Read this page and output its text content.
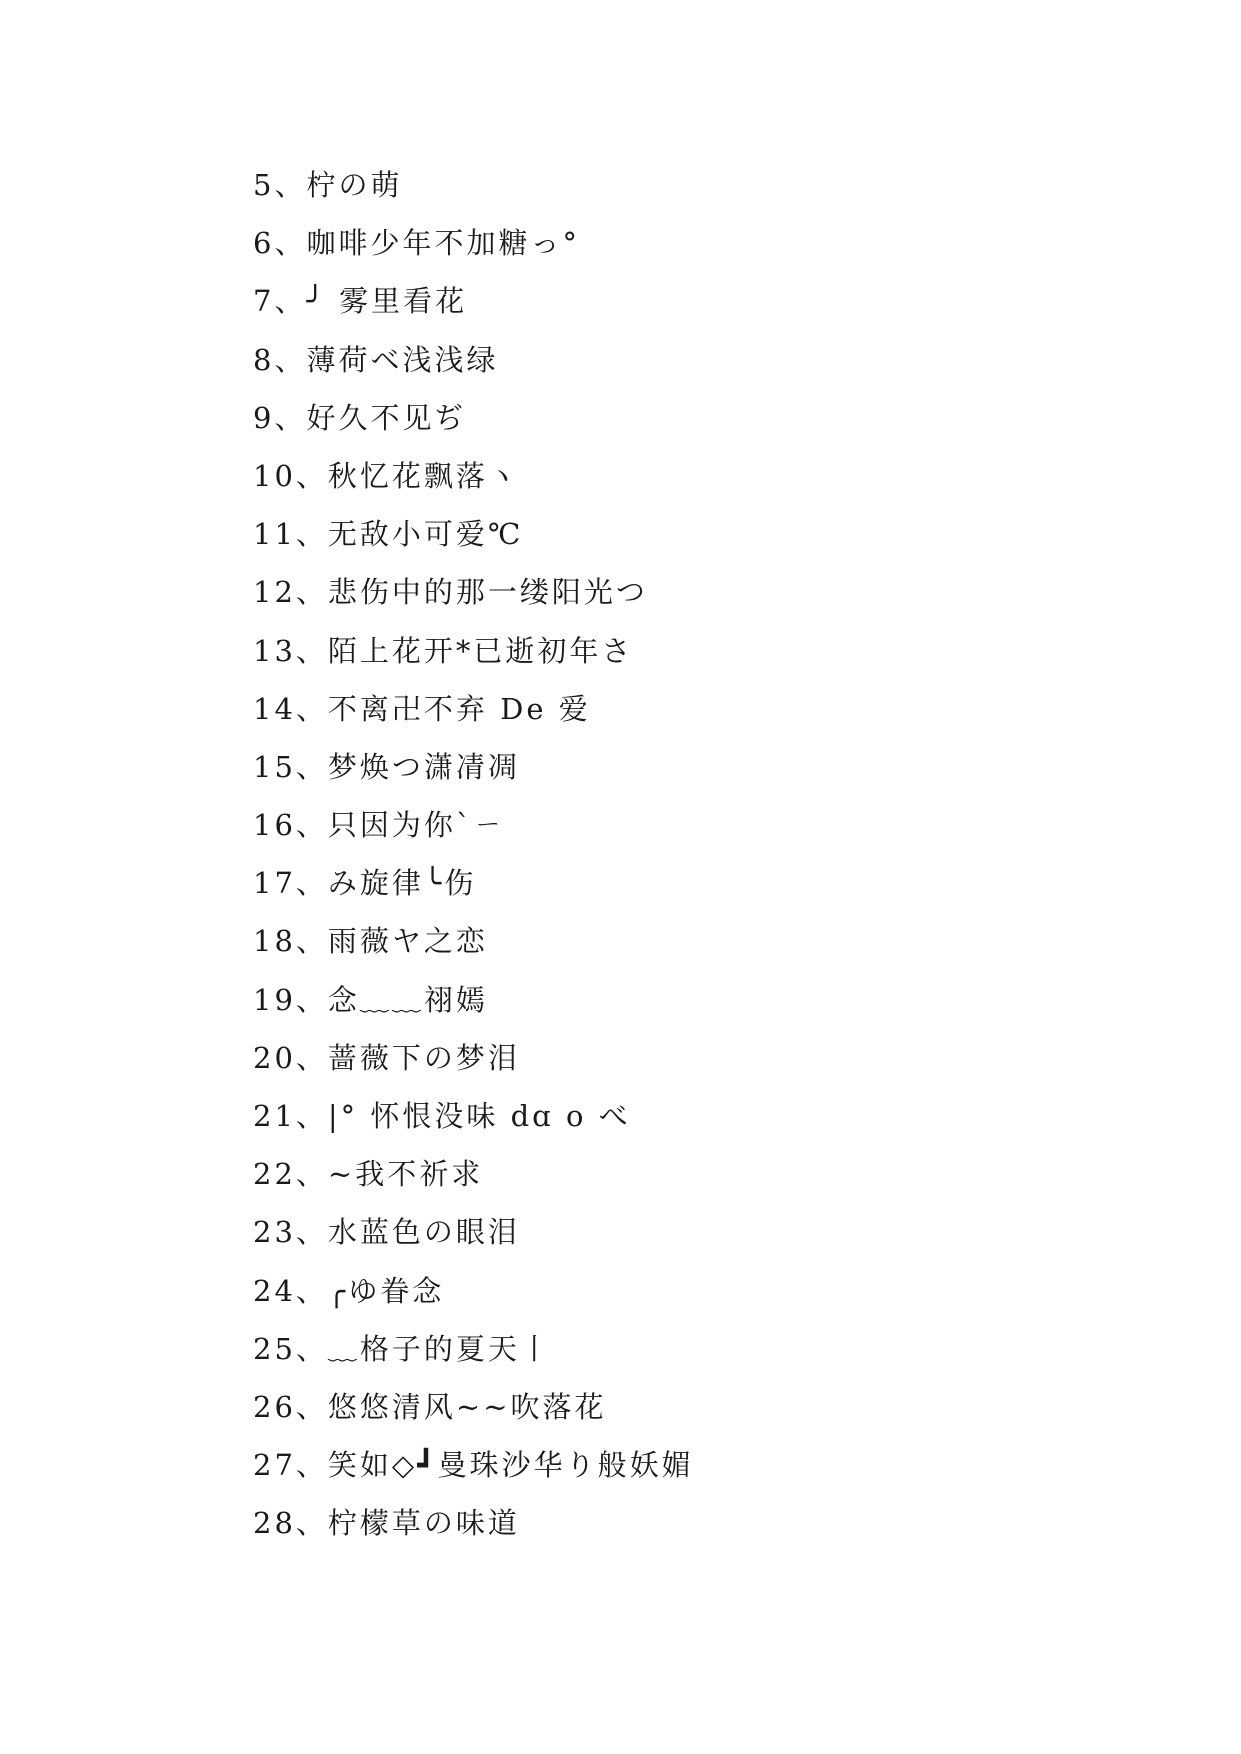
5、柠の萌
6、咖啡少年不加糖っ°
7、╯ 雾里看花
8、薄荷ベ浅浅绿
9、好久不见ぢ
10、秋忆花飘落ヽ
11、无敌小可爱℃
12、悲伤中的那一缕阳光つ
13、陌上花开*已逝初年さ
14、不离卍不弃 De 爱
15、梦焕つ潇凊凋
16、只因为你`ㄧ
17、み旋律╰伤
18、雨薇ヤ之恋
19、念﹏﹏祤嫣
20、蔷薇下の梦泪
21、|° 怀恨没味 dɑ ο べ
22、~我不祈求
23、水蓝色の眼泪
24、╭ゆ眷念
25、﹏格子的夏天丨
26、悠悠清风~~吹落花
27、笑如◇┛曼珠沙华り般妖媚
28、柠檬草の味道
